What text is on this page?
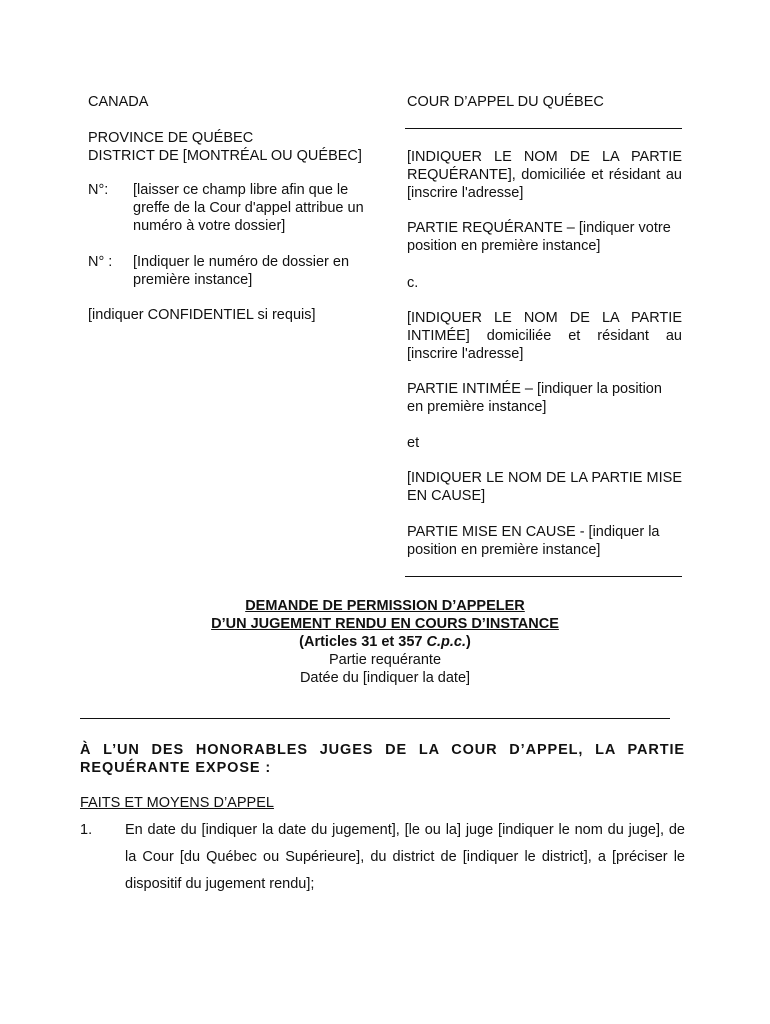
CANADA
PROVINCE DE QUÉBEC
DISTRICT DE [MONTRÉAL OU QUÉBEC]
N°: [laisser ce champ libre afin que le greffe de la Cour d'appel attribue un numéro à votre dossier]
N° : [Indiquer le numéro de dossier en première instance]
[indiquer CONFIDENTIEL si requis]
COUR D’APPEL DU QUÉBEC
[INDIQUER LE NOM DE LA PARTIE REQUÉRANTE], domiciliée et résidant au [inscrire l'adresse]
PARTIE REQUÉRANTE – [indiquer votre position en première instance]
c.
[INDIQUER LE NOM DE LA PARTIE INTIMÉE] domiciliée et résidant au [inscrire l'adresse]
PARTIE INTIMÉE – [indiquer la position en première instance]
et
[INDIQUER LE NOM DE LA PARTIE MISE EN CAUSE]
PARTIE MISE EN CAUSE - [indiquer la position en première instance]
DEMANDE DE PERMISSION D’APPELER
D’UN JUGEMENT RENDU EN COURS D’INSTANCE
(Articles 31 et 357 C.p.c.)
Partie requérante
Datée du [indiquer la date]
À L’UN DES HONORABLES JUGES DE LA COUR D’APPEL, LA PARTIE REQUÉRANTE EXPOSE :
FAITS ET MOYENS D’APPEL
1. En date du [indiquer la date du jugement], [le ou la] juge [indiquer le nom du juge], de la Cour [du Québec ou Supérieure], du district de [indiquer le district], a [préciser le dispositif du jugement rendu];
